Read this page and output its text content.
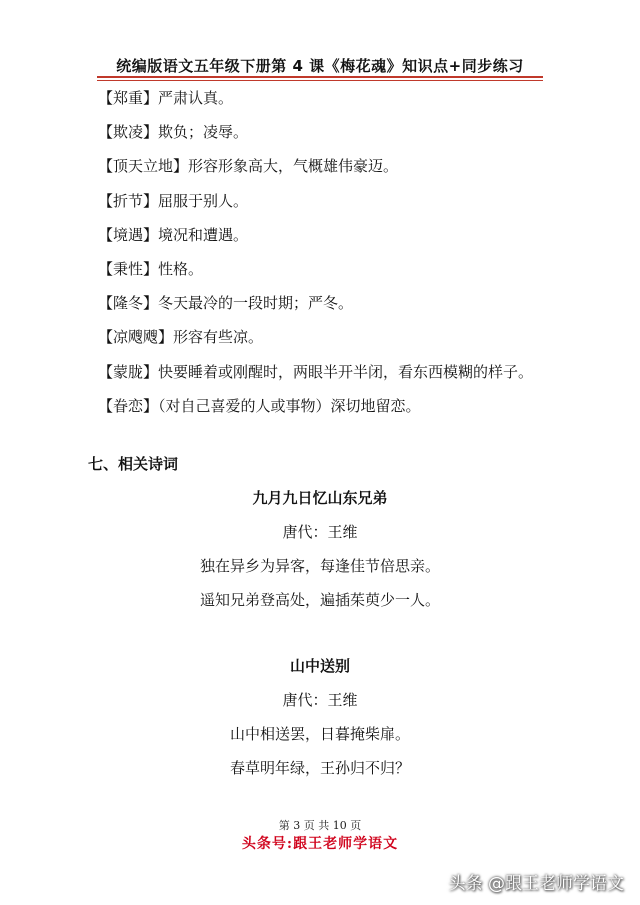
统编版语文五年级下册第 4 课《梅花魂》知识点+同步练习
【郑重】严肃认真。
【欺凌】欺负；凌辱。
【顶天立地】形容形象高大，气概雄伟豪迈。
【折节】屈服于别人。
【境遇】境况和遭遇。
【秉性】性格。
【隆冬】冬天最冷的一段时期；严冬。
【凉飕飕】形容有些凉。
【蒙胧】快要睡着或刚醒时，两眼半开半闭，看东西模糊的样子。
【眷恋】（对自己喜爱的人或事物）深切地留恋。
七、相关诗词
九月九日忆山东兄弟
唐代：王维
独在异乡为异客，每逢佳节倍思亲。
遥知兄弟登高处，遍插茱萸少一人。
山中送别
唐代：王维
山中相送罢，日暮掩柴扉。
春草明年绿，王孙归不归？
第 3 页 共 10 页
头条号:跟王老师学语文
头条 @跟王老师学语文
